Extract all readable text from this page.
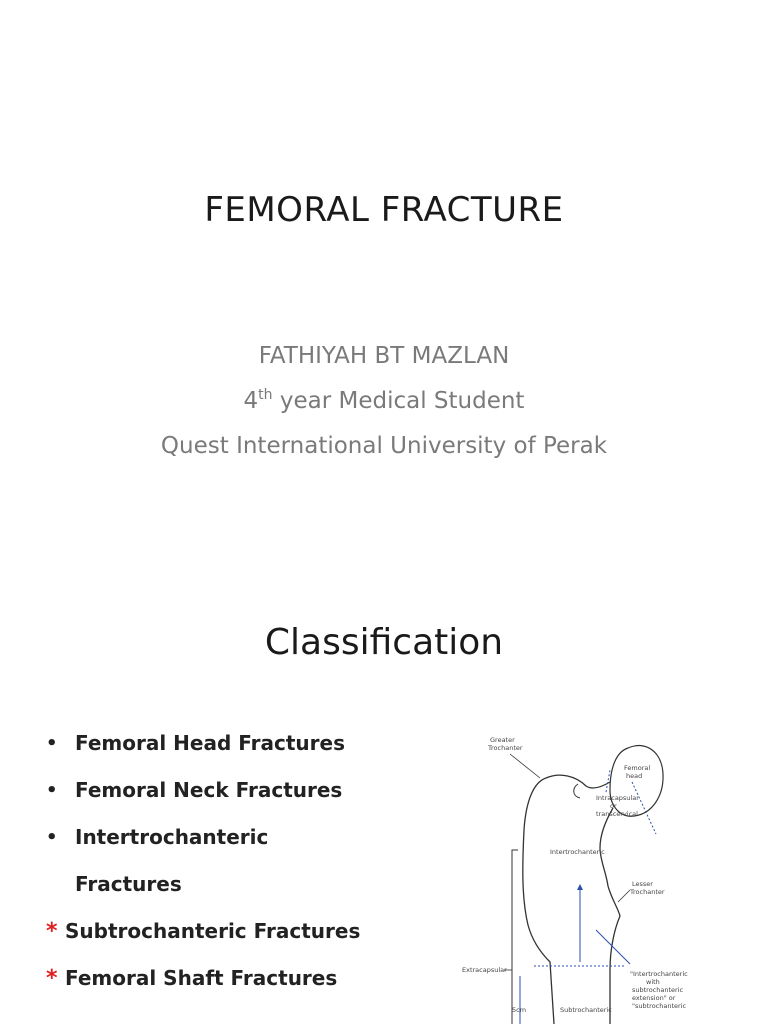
FEMORAL FRACTURE
FATHIYAH BT MAZLAN
4th year Medical Student
Quest International University of Perak
Classification
• Femoral Head Fractures
• Femoral Neck Fractures
• Intertrochanteric
Fractures
* Subtrochanteric Fractures
* Femoral Shaft Fractures
Greater
Trochanter
Femoral
head
Intracapsular
or
transcervical
Intertrochanteric
Lesser
Trochanter
Extracapsular
Subtrochanteric
5cm
"Intertrochanteric
with
subtrochanteric
extension" or
"subtrochanteric
